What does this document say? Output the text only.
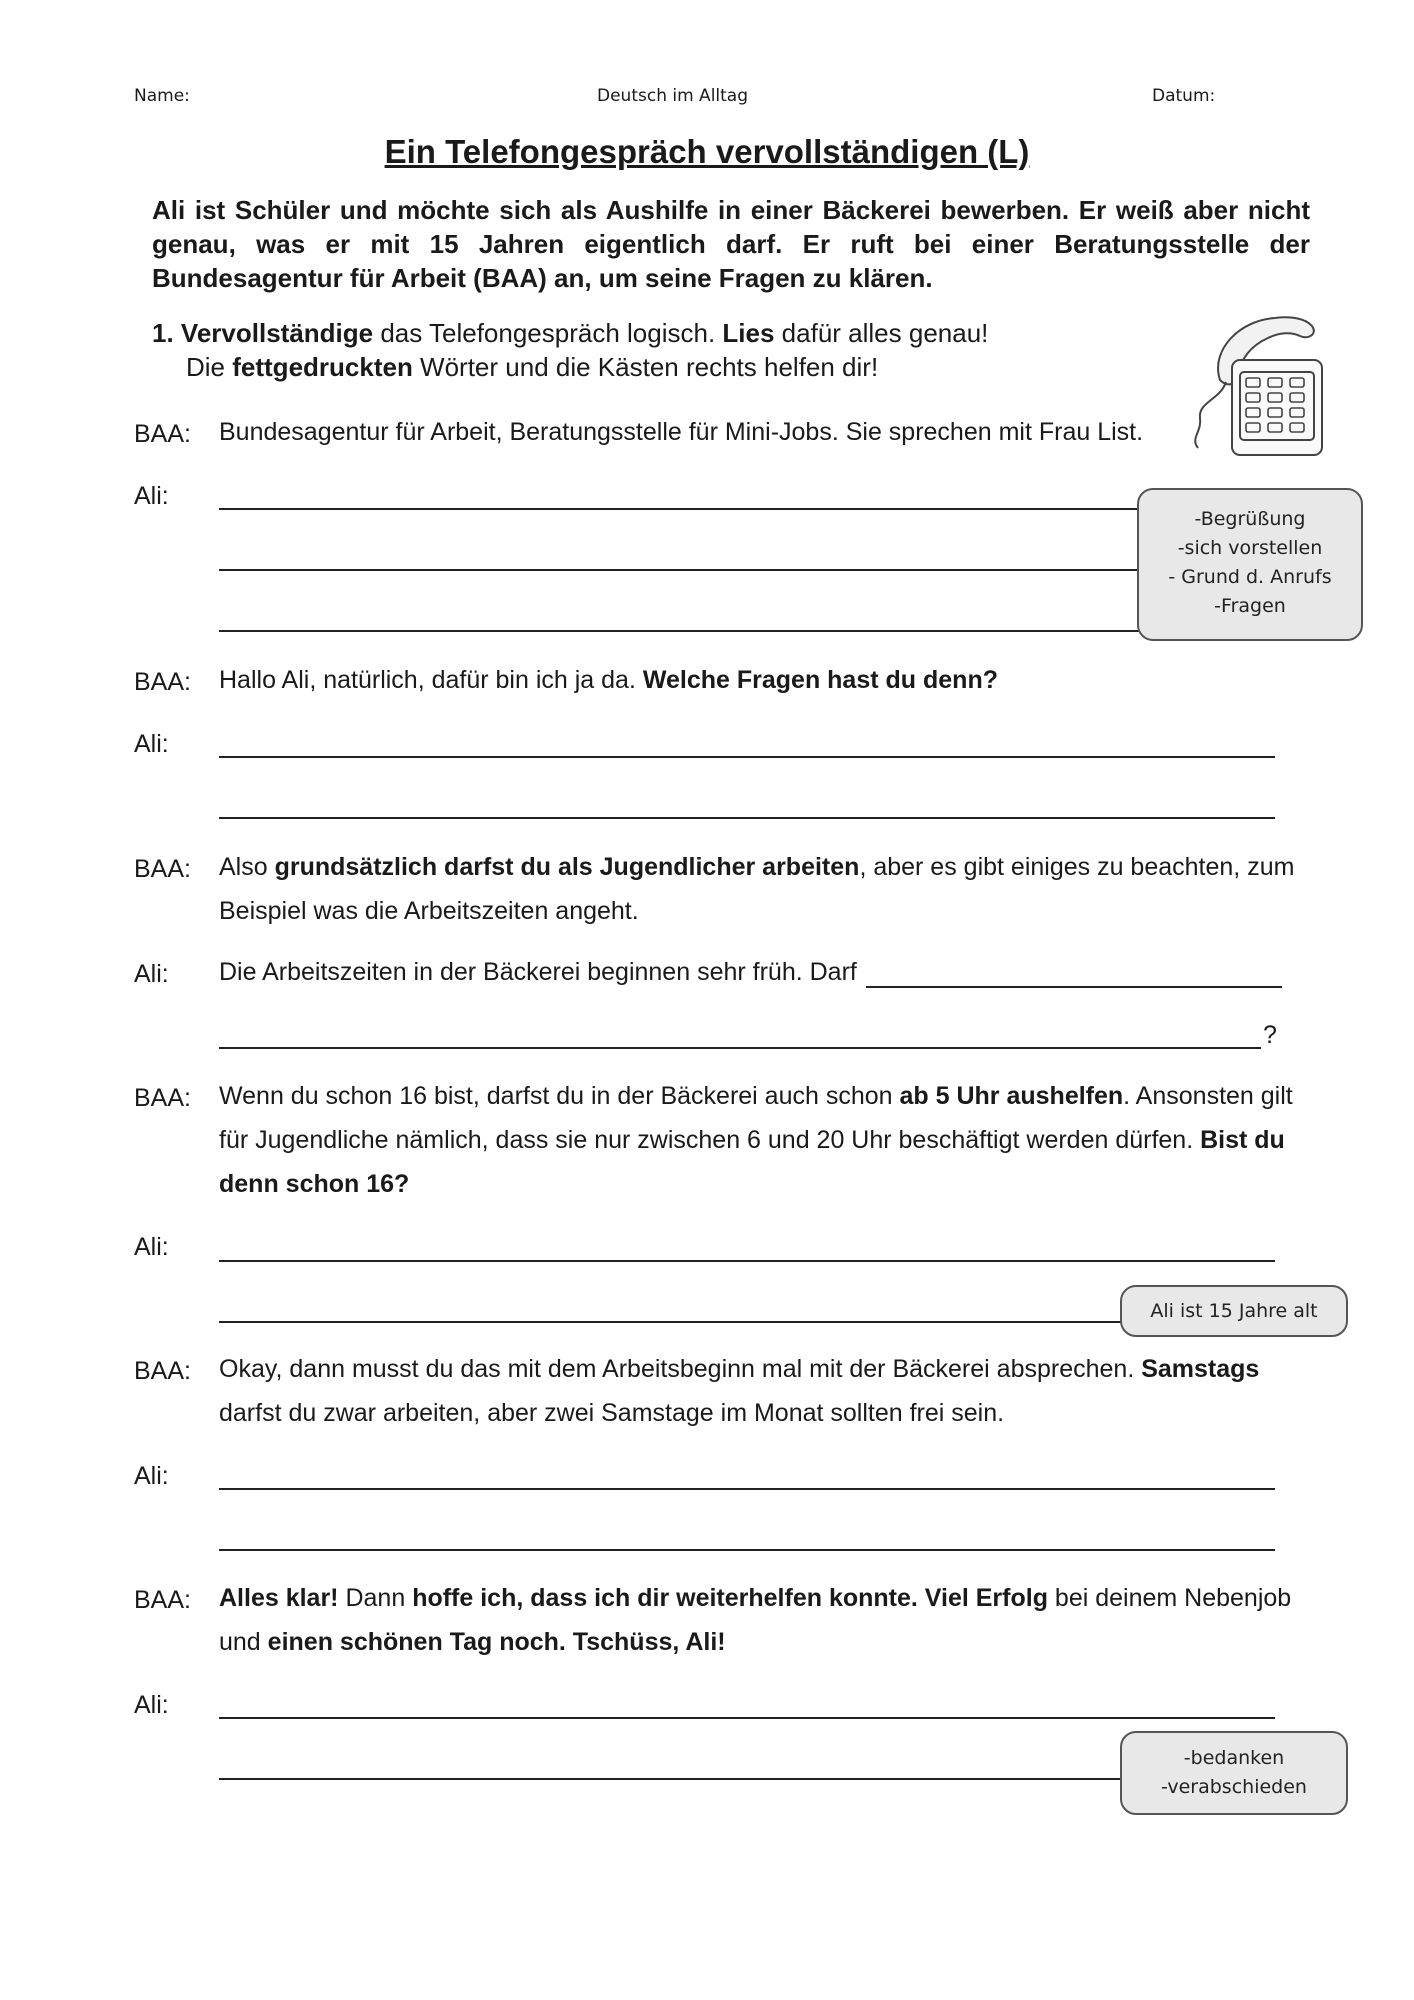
Name:	Deutsch im Alltag	Datum:
Ein Telefongespräch vervollständigen (L)
Ali ist Schüler und möchte sich als Aushilfe in einer Bäckerei bewerben. Er weiß aber nicht genau, was er mit 15 Jahren eigentlich darf. Er ruft bei einer Beratungsstelle der Bundesagentur für Arbeit (BAA) an, um seine Fragen zu klären.
1. Vervollständige das Telefongespräch logisch. Lies dafür alles genau!
Die fettgedruckten Wörter und die Kästen rechts helfen dir!
BAA: Bundesagentur für Arbeit, Beratungsstelle für Mini-Jobs. Sie sprechen mit Frau List.
Ali:
-Begrüßung
-sich vorstellen
- Grund d. Anrufs
-Fragen
BAA: Hallo Ali, natürlich, dafür bin ich ja da. Welche Fragen hast du denn?
Ali:
BAA: Also grundsätzlich darfst du als Jugendlicher arbeiten, aber es gibt einiges zu beachten, zum Beispiel was die Arbeitszeiten angeht.
Ali: Die Arbeitszeiten in der Bäckerei beginnen sehr früh. Darf
?
BAA: Wenn du schon 16 bist, darfst du in der Bäckerei auch schon ab 5 Uhr aushelfen. Ansonsten gilt für Jugendliche nämlich, dass sie nur zwischen 6 und 20 Uhr beschäftigt werden dürfen. Bist du denn schon 16?
Ali:
Ali ist 15 Jahre alt
BAA: Okay, dann musst du das mit dem Arbeitsbeginn mal mit der Bäckerei absprechen. Samstags darfst du zwar arbeiten, aber zwei Samstage im Monat sollten frei sein.
Ali:
BAA: Alles klar! Dann hoffe ich, dass ich dir weiterhelfen konnte. Viel Erfolg bei deinem Nebenjob und einen schönen Tag noch. Tschüss, Ali!
Ali:
-bedanken
-verabschieden
